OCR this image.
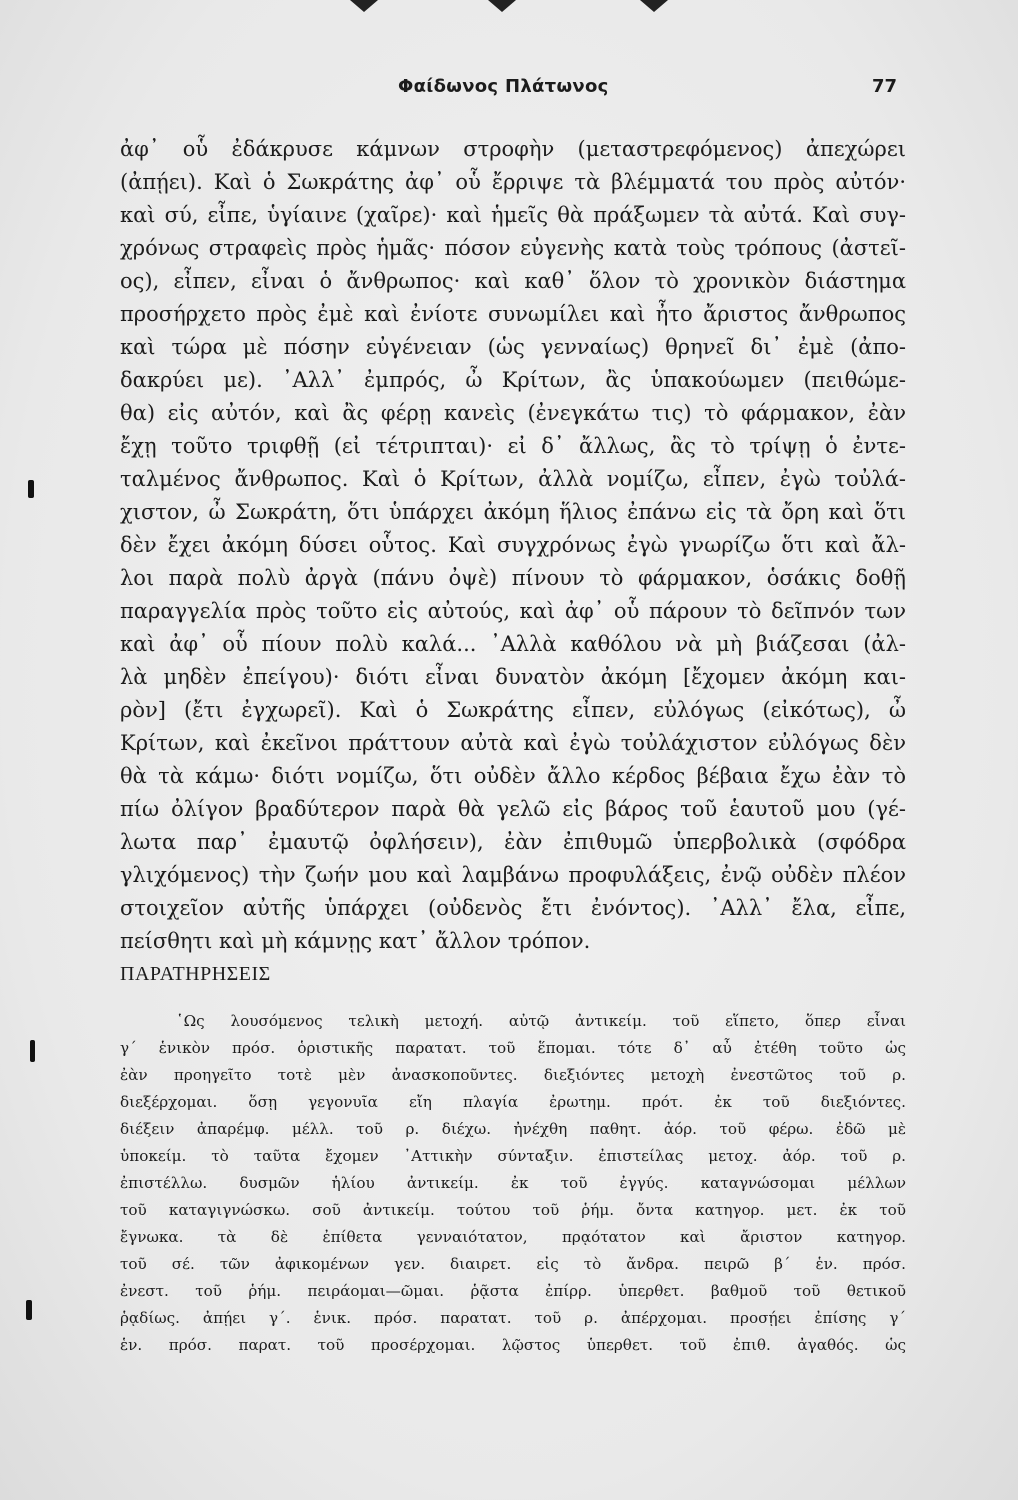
Φαίδωνος Πλάτωνος	77
ἀφ᾽ οὗ ἐδάκρυσε κάμνων στροφὴν (μεταστρεφόμενος) ἀπεχώρει
(ἀπῄει). Καὶ ὁ Σωκράτης ἀφ᾽ οὗ ἔρριψε τὰ βλέμματά του πρὸς αὐτόν·
καὶ σύ, εἶπε, ὑγίαινε (χαῖρε)· καὶ ἡμεῖς θὰ πράξωμεν τὰ αὐτά. Καὶ συγ-
χρόνως στραφεὶς πρὸς ἡμᾶς· πόσον εὐγενὴς κατὰ τοὺς τρόπους (ἀστεῖ-
ος), εἶπεν, εἶναι ὁ ἄνθρωπος· καὶ καθ᾽ ὅλον τὸ χρονικὸν διάστημα
προσήρχετο πρὸς ἐμὲ καὶ ἐνίοτε συνωμίλει καὶ ἦτο ἄριστος ἄνθρωπος
καὶ τώρα μὲ πόσην εὐγένειαν (ὡς γενναίως) θρηνεῖ δι᾽ ἐμὲ (ἀπο-
δακρύει με). ᾽Αλλ᾽ ἐμπρός, ὦ Κρίτων, ἂς ὑπακούωμεν (πειθώμε-
θα) εἰς αὐτόν, καὶ ἂς φέρῃ κανεὶς (ἐνεγκάτω τις) τὸ φάρμακον, ἐὰν
ἔχῃ τοῦτο τριφθῇ (εἰ τέτριπται)· εἰ δ᾽ ἄλλως, ἂς τὸ τρίψῃ ὁ ἐντε-
ταλμένος ἄνθρωπος. Καὶ ὁ Κρίτων, ἀλλὰ νομίζω, εἶπεν, ἐγὼ τοὐλά-
χιστον, ὦ Σωκράτη, ὅτι ὑπάρχει ἀκόμη ἥλιος ἐπάνω εἰς τὰ ὄρη καὶ ὅτι
δὲν ἔχει ἀκόμη δύσει οὗτος. Καὶ συγχρόνως ἐγὼ γνωρίζω ὅτι καὶ ἄλ-
λοι παρὰ πολὺ ἀργὰ (πάνυ ὀψὲ) πίνουν τὸ φάρμακον, ὁσάκις δοθῇ
παραγγελία πρὸς τοῦτο εἰς αὐτούς, καὶ ἀφ᾽ οὗ πάρουν τὸ δεῖπνόν των
καὶ ἀφ᾽ οὗ πίουν πολὺ καλά... ᾽Αλλὰ καθόλου νὰ μὴ βιάζεσαι (ἀλ-
λὰ μηδὲν ἐπείγου)· διότι εἶναι δυνατὸν ἀκόμη [ἔχομεν ἀκόμη και-
ρὸν] (ἔτι ἐγχωρεῖ). Καὶ ὁ Σωκράτης εἶπεν, εὐλόγως (εἰκότως), ὦ
Κρίτων, καὶ ἐκεῖνοι πράττουν αὐτὰ καὶ ἐγὼ τοὐλάχιστον εὐλόγως δὲν
θὰ τὰ κάμω· διότι νομίζω, ὅτι οὐδὲν ἄλλο κέρδος βέβαια ἔχω ἐὰν τὸ
πίω ὀλίγον βραδύτερον παρὰ θὰ γελῶ εἰς βάρος τοῦ ἑαυτοῦ μου (γέ-
λωτα παρ᾽ ἐμαυτῷ ὀφλήσειν), ἐὰν ἐπιθυμῶ ὑπερβολικὰ (σφόδρα
γλιχόμενος) τὴν ζωήν μου καὶ λαμβάνω προφυλάξεις, ἐνῷ οὐδὲν πλέον
στοιχεῖον αὐτῆς ὑπάρχει (οὐδενὸς ἔτι ἐνόντος). ᾽Αλλ᾽ ἔλα, εἶπε,
πείσθητι καὶ μὴ κάμνῃς κατ᾽ ἄλλον τρόπον.
ΠΑΡΑΤΗΡΗΣΕΙΣ
῾Ως λουσόμενος τελικὴ μετοχή. αὐτῷ ἀντικείμ. τοῦ εἵπετο, ὅπερ εἶναι
γ´ ἑνικὸν πρόσ. ὁριστικῆς παρατατ. τοῦ ἕπομαι. τότε δ᾽ αὖ ἐτέθη τοῦτο ὡς
ἐὰν προηγεῖτο τοτὲ μὲν ἀνασκοποῦντες. διεξιόντες μετοχὴ ἐνεστῶτος τοῦ ρ.
διεξέρχομαι. ὅσῃ γεγονυῖα εἴη πλαγία ἐρωτημ. πρότ. ἐκ τοῦ διεξιόντες.
διέξειν ἀπαρέμφ. μέλλ. τοῦ ρ. διέχω. ἠνέχθη παθητ. ἀόρ. τοῦ φέρω. ἐδῶ μὲ
ὑποκείμ. τὸ ταῦτα ἔχομεν ᾽Αττικὴν σύνταξιν. ἐπιστείλας μετοχ. ἀόρ. τοῦ ρ.
ἐπιστέλλω. δυσμῶν ἡλίου ἀντικείμ. ἐκ τοῦ ἐγγύς. καταγνώσομαι μέλλων
τοῦ καταγιγνώσκω. σοῦ ἀντικείμ. τούτου τοῦ ῥήμ. ὄντα κατηγορ. μετ. ἐκ τοῦ
ἔγνωκα. τὰ δὲ ἐπίθετα γενναιότατον, πρᾳότατον καὶ ἄριστον κατηγορ.
τοῦ σέ. τῶν ἀφικομένων γεν. διαιρετ. εἰς τὸ ἄνδρα. πειρῶ β´ ἑν. πρόσ.
ἐνεστ. τοῦ ῥήμ. πειράομαι—ῶμαι. ῥᾷστα ἐπίρρ. ὑπερθετ. βαθμοῦ τοῦ θετικοῦ
ῥᾳδίως. ἀπῄει γ´. ἑνικ. πρόσ. παρατατ. τοῦ ρ. ἀπέρχομαι. προσῄει ἐπίσης γ´
ἑν. πρόσ. παρατ. τοῦ προσέρχομαι. λῷστος ὑπερθετ. τοῦ ἐπιθ. ἀγαθός. ὡς
